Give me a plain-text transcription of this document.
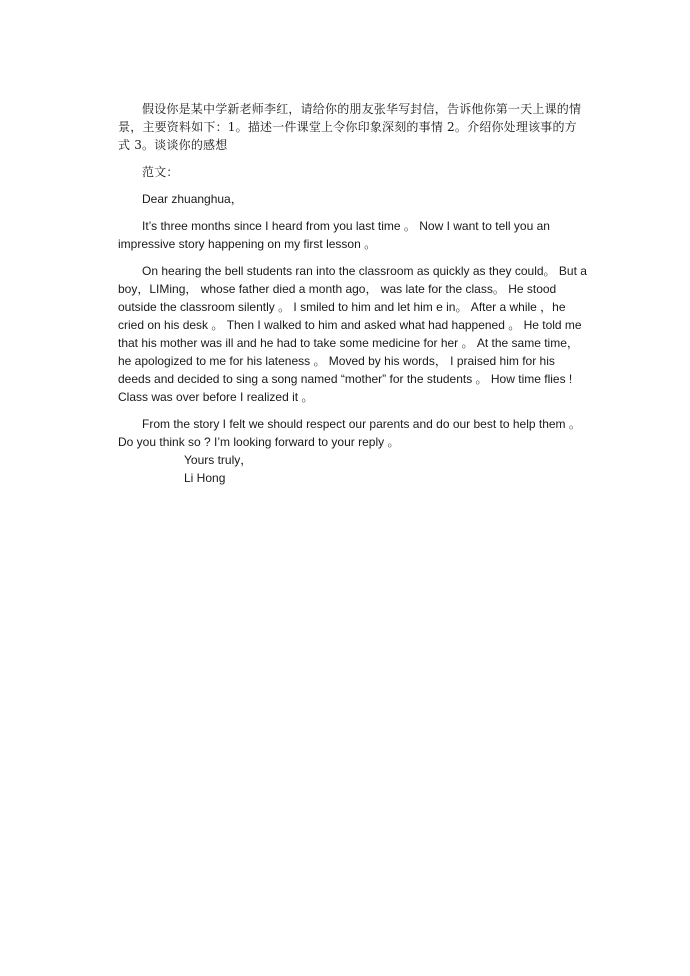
假设你是某中学新老师李红，请给你的朋友张华写封信，告诉他你第一天上课的情景，主要资料如下：1。描述一件课堂上令你印象深刻的事情 2。介绍你处理该事的方式 3。谈谈你的感想

范文：

Dear zhuanghua，

It’s three months since I heard from you last time 。 Now I want to tell you an impressive story happening on my first lesson 。

On hearing the bell students ran into the classroom as quickly as they could。 But a boy，LIMing， whose father died a month ago， was late for the class。 He stood outside the classroom silently 。 I smiled to him and let him e in。 After a while ，he cried on his desk 。 Then I walked to him and asked what had happened 。 He told me that his mother was ill and he had to take some medicine for her 。 At the same time，he apologized to me for his lateness 。 Moved by his words， I praised him for his deeds and decided to sing a song named “mother” for the students 。 How time flies ! Class was over before I realized it 。

From the story I felt we should respect our parents and do our best to help them 。 Do you think so ? I’m looking forward to your reply 。

Yours truly，

Li Hong
